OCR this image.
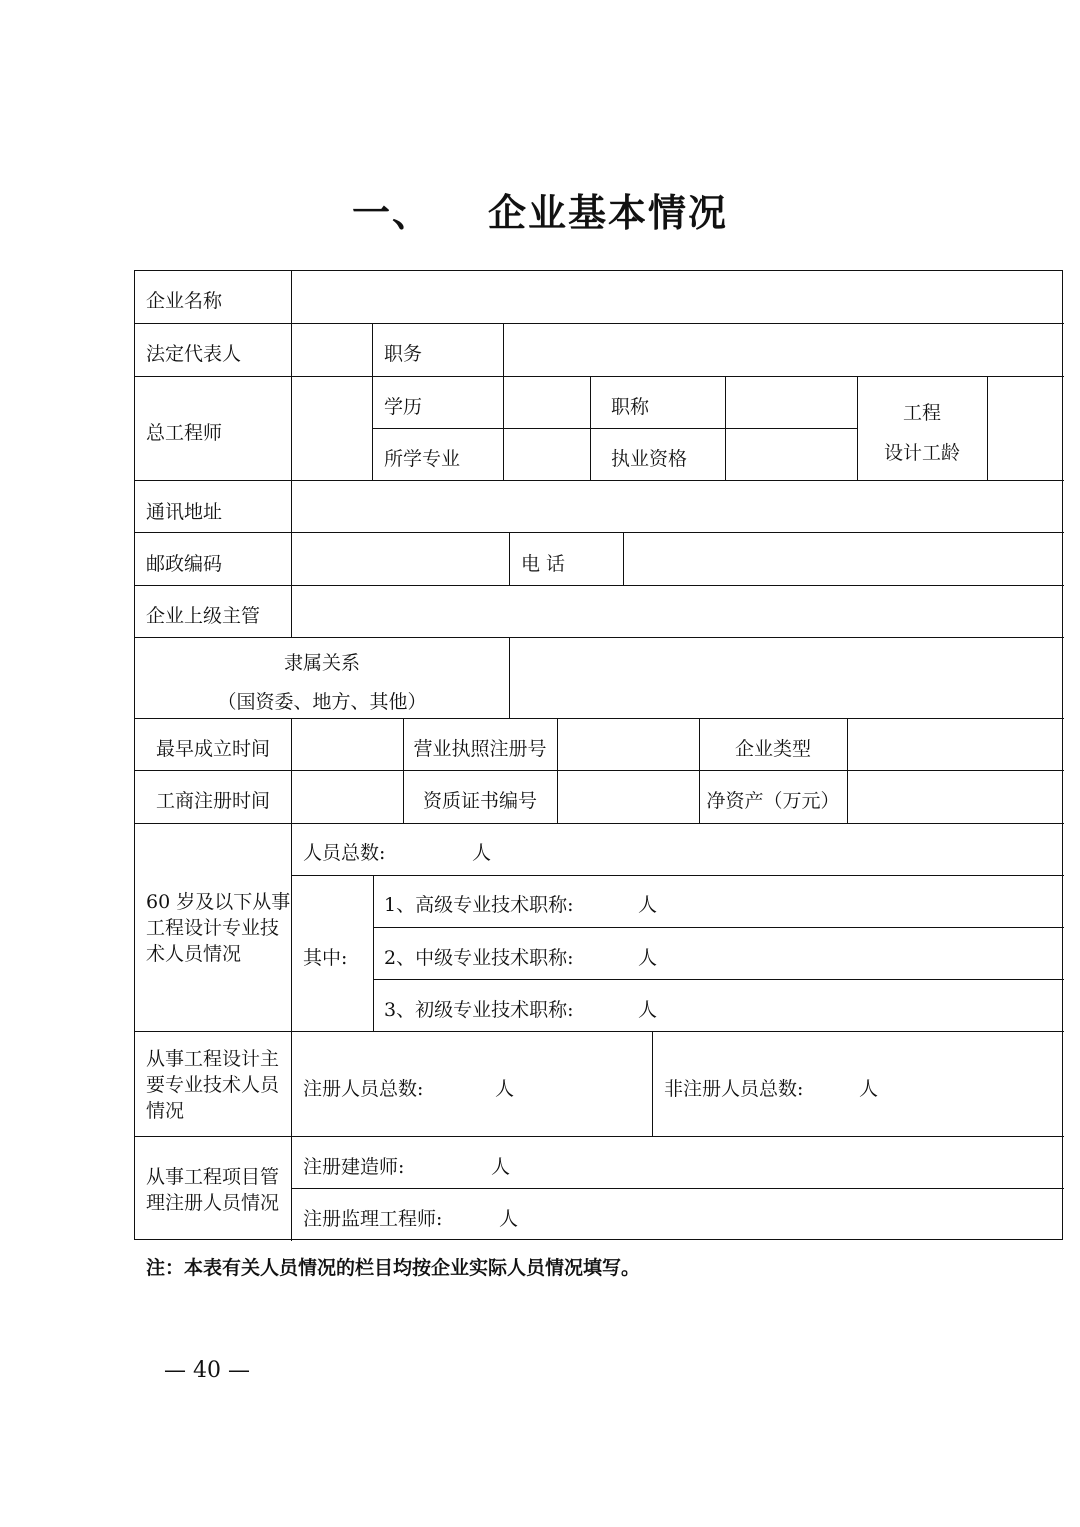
一、 企业基本情况
企业名称
法定代表人	职务
总工程师
学历	职称	工程
设计工龄
所学专业	执业资格
通讯地址
邮政编码	电 话
企业上级主管
隶属关系
（国资委、地方、其他）
最早成立时间	营业执照注册号	企业类型
工商注册时间	资质证书编号	净资产（万元）
60 岁及以下从事工程设计专业技术人员情况
人员总数:	人
其中:
1、高级专业技术职称:	人
2、中级专业技术职称:	人
3、初级专业技术职称:	人
从事工程设计主要专业技术人员情况
注册人员总数:	人	非注册人员总数:	人
从事工程项目管理注册人员情况
注册建造师:	人
注册监理工程师:	人
注：本表有关人员情况的栏目均按企业实际人员情况填写。
— 40 —
